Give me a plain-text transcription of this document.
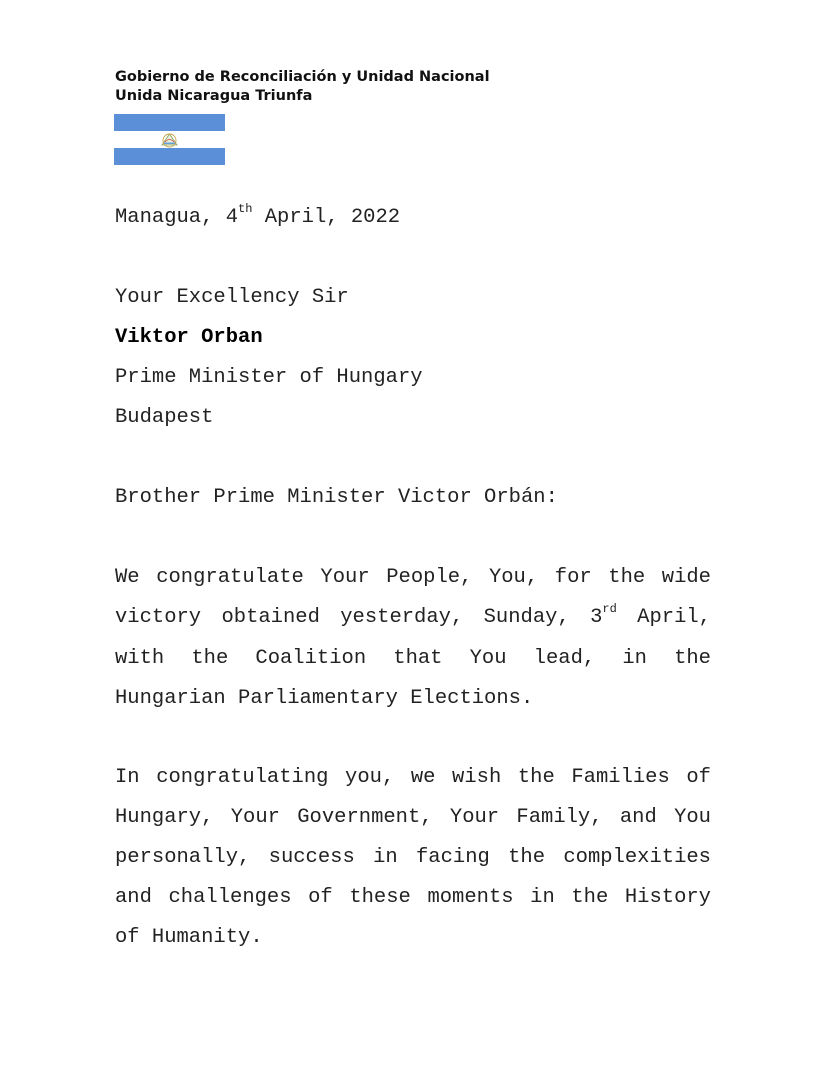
Gobierno de Reconciliación y Unidad Nacional
Unida Nicaragua Triunfa
Managua, 4th April, 2022
Your Excellency Sir
Viktor Orban
Prime Minister of Hungary
Budapest
Brother Prime Minister Victor Orbán:
We congratulate Your People, You, for the wide
victory obtained yesterday, Sunday, 3rd April,
with the Coalition that You lead, in the
Hungarian Parliamentary Elections.
In congratulating you, we wish the Families of
Hungary, Your Government, Your Family, and You
personally, success in facing the complexities
and challenges of these moments in the History
of Humanity.
